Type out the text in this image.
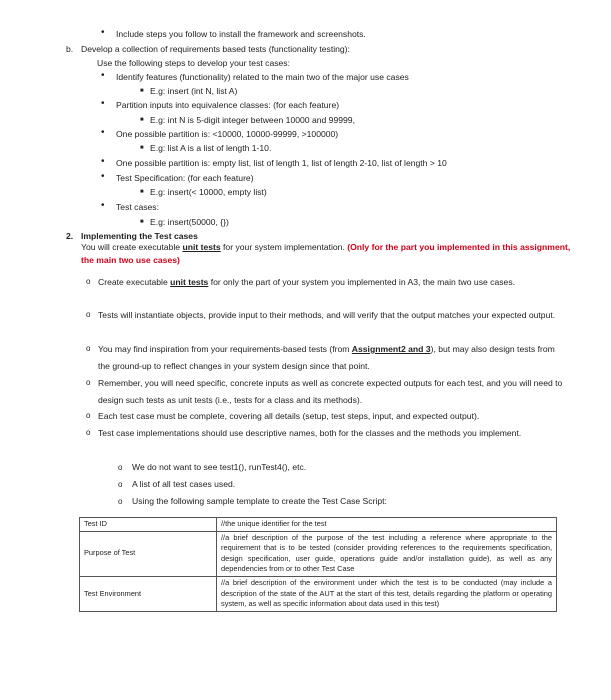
• Include steps you follow to install the framework and screenshots.
b. Develop a collection of requirements based tests (functionality testing):
Use the following steps to develop your test cases:
• Identify features (functionality) related to the main two of the major use cases
■ E.g: insert (int N, list A)
• Partition inputs into equivalence classes: (for each feature)
■ E.g: int N is 5-digit integer between 10000 and 99999,
• One possible partition is: <10000, 10000-99999, >100000)
■ E.g: list A is a list of length 1-10.
• One possible partition is: empty list, list of length 1, list of length 2-10, list of length > 10
• Test Specification: (for each feature)
■ E.g: insert(< 10000, empty list)
• Test cases:
■ E.g: insert(50000, {})
2. Implementing the Test cases
You will create executable unit tests for your system implementation. (Only for the part you implemented in this assignment, the main two use cases)
o Create executable unit tests for only the part of your system you implemented in A3, the main two use cases.
o Tests will instantiate objects, provide input to their methods, and will verify that the output matches your expected output.
o You may find inspiration from your requirements-based tests (from Assignment2 and 3), but may also design tests from the ground-up to reflect changes in your system design since that point.
o Remember, you will need specific, concrete inputs as well as concrete expected outputs for each test, and you will need to design such tests as unit tests (i.e., tests for a class and its methods).
o Each test case must be complete, covering all details (setup, test steps, input, and expected output).
o Test case implementations should use descriptive names, both for the classes and the methods you implement.
o We do not want to see test1(), runTest4(), etc.
o A list of all test cases used.
o Using the following sample template to create the Test Case Script:
Test ID	//the unique identifier for the test
Purpose of Test	//a brief description of the purpose of the test including a reference where appropriate to the requirement that is to be tested (consider providing references to the requirements specification, design specification, user guide, operations guide and/or installation guide), as well as any dependencies from or to other Test Case
Test Environment	//a brief description of the environment under which the test is to be conducted (may include a description of the state of the AUT at the start of this test, details regarding the platform or operating system, as well as specific information about data used in this test)
